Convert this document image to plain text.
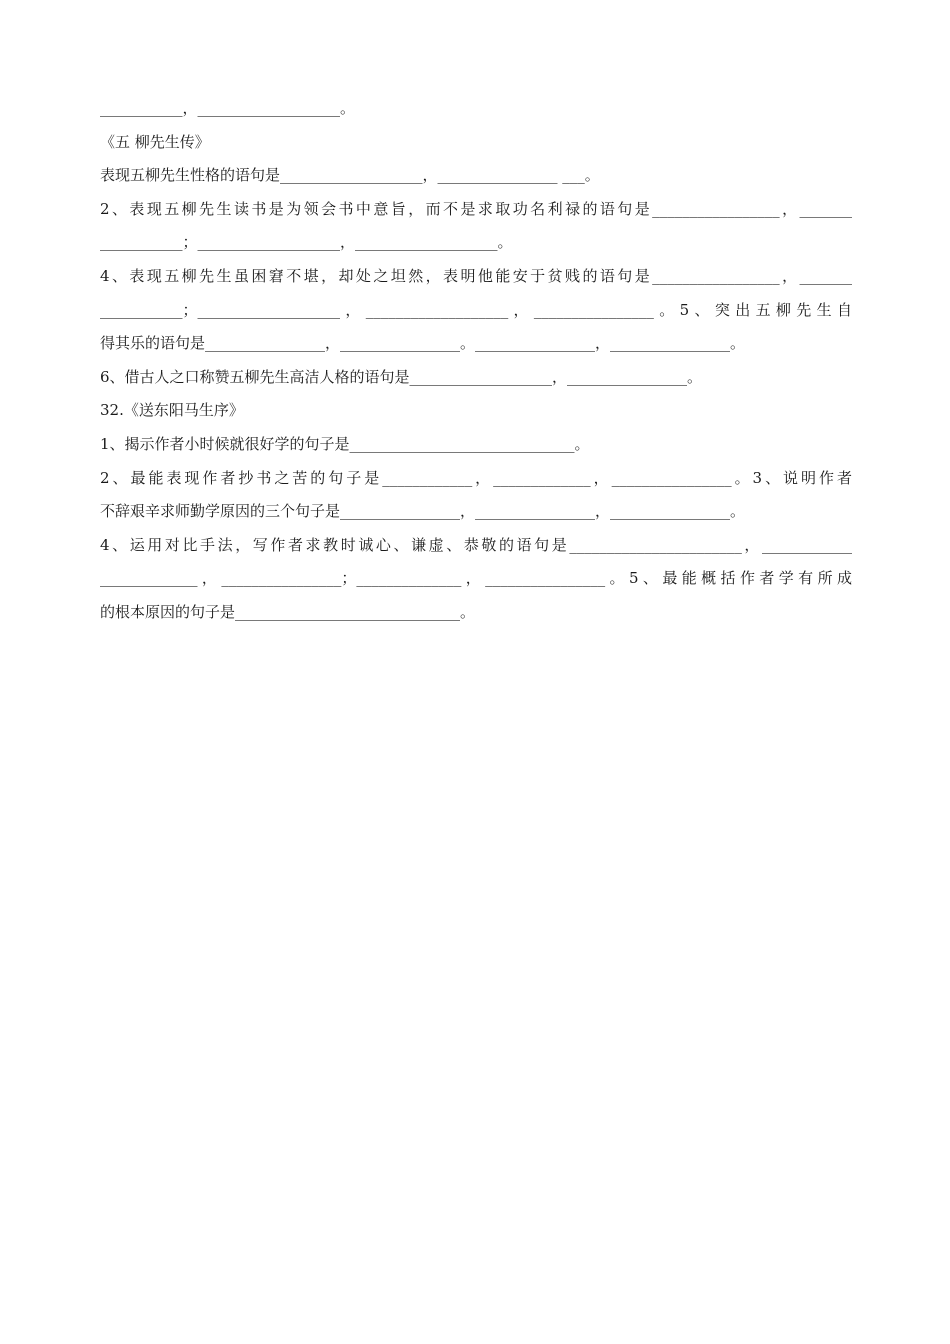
___________，___________________。
《五 柳先生传》
表现五柳先生性格的语句是___________________，________________ ___。
2、表现五柳先生读书是为领会书中意旨，而不是求取功名利禄的语句是_________________，_______
___________；___________________，___________________。
4、表现五柳先生虽困窘不堪，却处之坦然，表明他能安于贫贱的语句是_________________，_______
___________；___________________，___________________，________________。5、突出五柳先生自
得其乐的语句是________________，________________。________________，________________。
6、借古人之口称赞五柳先生高洁人格的语句是___________________，________________。
32.《送东阳马生序》
1、揭示作者小时候就很好学的句子是______________________________。
2、最能表现作者抄书之苦的句子是____________，_____________，________________。3、说明作者
不辞艰辛求师勤学原因的三个句子是________________，________________，________________。
4、运用对比手法，写作者求教时诚心、谦虚、恭敬的语句是_______________________，____________
_____________，________________；______________，________________。5、最能概括作者学有所成
的根本原因的句子是______________________________。
